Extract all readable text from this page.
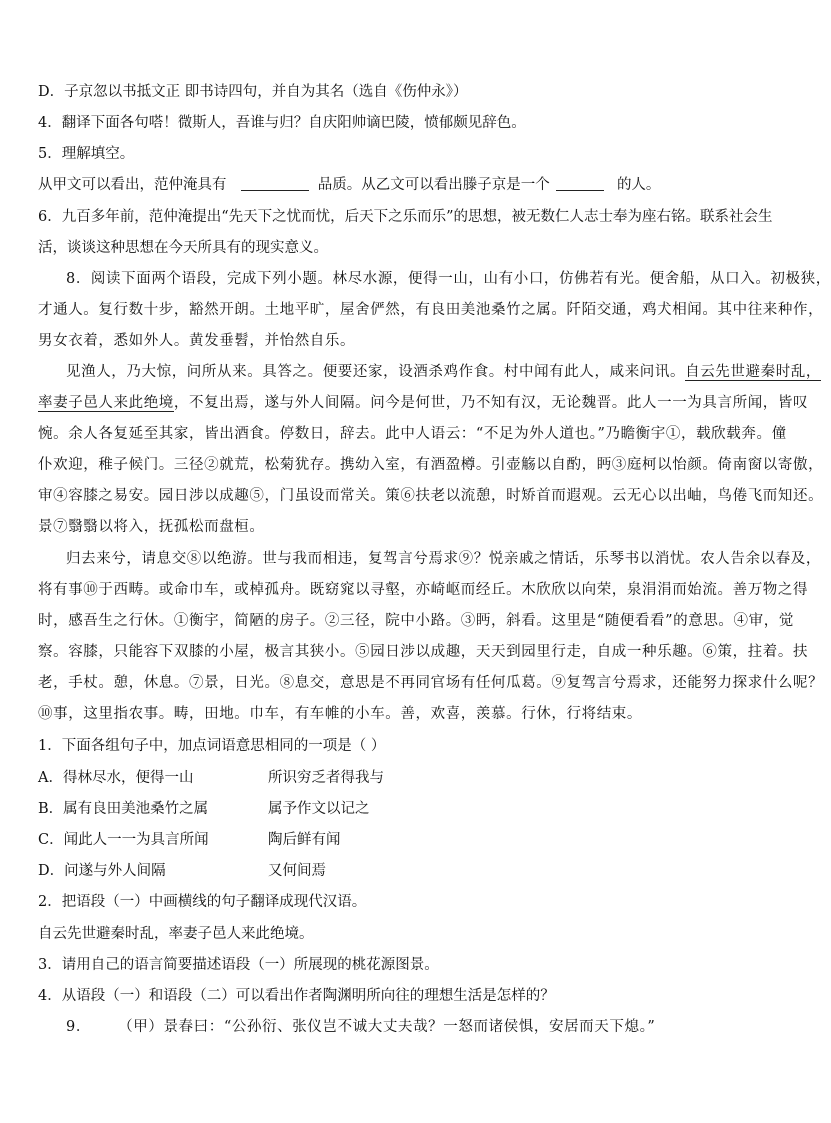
D．子京忽以书抵文正 即书诗四句，并自为其名（选自《伤仲永》）
4．翻译下面各句嗒！微斯人，吾谁与归？自庆阳帅谪巴陵，愤郁颇见辞色。
5．理解填空。
从甲文可以看出，范仲淹具有	品质。从乙文可以看出滕子京是一个	的人。
6．九百多年前，范仲淹提出“先天下之忧而忧，后天下之乐而乐”的思想，被无数仁人志士奉为座右铭。联系社会生
活，谈谈这种思想在今天所具有的现实意义。
8．阅读下面两个语段，完成下列小题。林尽水源，便得一山，山有小口，仿佛若有光。便舍船，从口入。初极狭，
才通人。复行数十步，豁然开朗。土地平旷，屋舍俨然，有良田美池桑竹之属。阡陌交通，鸡犬相闻。其中往来种作，
男女衣着，悉如外人。黄发垂髫，并怡然自乐。
见渔人，乃大惊，问所从来。具答之。便要还家，设酒杀鸡作食。村中闻有此人，咸来问讯。自云先世避秦时乱，
率妻子邑人来此绝境，不复出焉，遂与外人间隔。问今是何世，乃不知有汉，无论魏晋。此人一一为具言所闻，皆叹
惋。余人各复延至其家，皆出酒食。停数日，辞去。此中人语云：“不足为外人道也。”乃瞻衡宇①，载欣载奔。僮
仆欢迎，稚子候门。三径②就荒，松菊犹存。携幼入室，有酒盈樽。引壶觞以自酌，眄③庭柯以怡颜。倚南窗以寄傲，
审④容膝之易安。园日涉以成趣⑤，门虽设而常关。策⑥扶老以流憩，时矫首而遐观。云无心以出岫，鸟倦飞而知还。
景⑦翳翳以将入，抚孤松而盘桓。
归去来兮，请息交⑧以绝游。世与我而相违，复驾言兮焉求⑨？悦亲戚之情话，乐琴书以消忧。农人告余以春及，
将有事⑩于西畴。或命巾车，或棹孤舟。既窈窕以寻壑，亦崎岖而经丘。木欣欣以向荣，泉涓涓而始流。善万物之得
时，感吾生之行休。①衡宇，简陋的房子。②三径，院中小路。③眄，斜看。这里是“随便看看”的意思。④审，觉
察。容膝，只能容下双膝的小屋，极言其狭小。⑤园日涉以成趣，天天到园里行走，自成一种乐趣。⑥策，拄着。扶
老，手杖。憩，休息。⑦景，日光。⑧息交，意思是不再同官场有任何瓜葛。⑨复驾言兮焉求，还能努力探求什么呢？
⑩事，这里指农事。畴，田地。巾车，有车帷的小车。善，欢喜，羡慕。行休，行将结束。
1．下面各组句子中，加点词语意思相同的一项是（ ）
A．得林尽水，便得一山	所识穷乏者得我与
B．属有良田美池桑竹之属	属予作文以记之
C．闻此人一一为具言所闻	陶后鲜有闻
D．问遂与外人间隔	又何间焉
2．把语段（一）中画横线的句子翻译成现代汉语。
自云先世避秦时乱，率妻子邑人来此绝境。
3．请用自己的语言简要描述语段（一）所展现的桃花源图景。
4．从语段（一）和语段（二）可以看出作者陶渊明所向往的理想生活是怎样的？
9． （甲）景春曰：“公孙衍、张仪岂不诚大丈夫哉？一怒而诸侯惧，安居而天下熄。”
